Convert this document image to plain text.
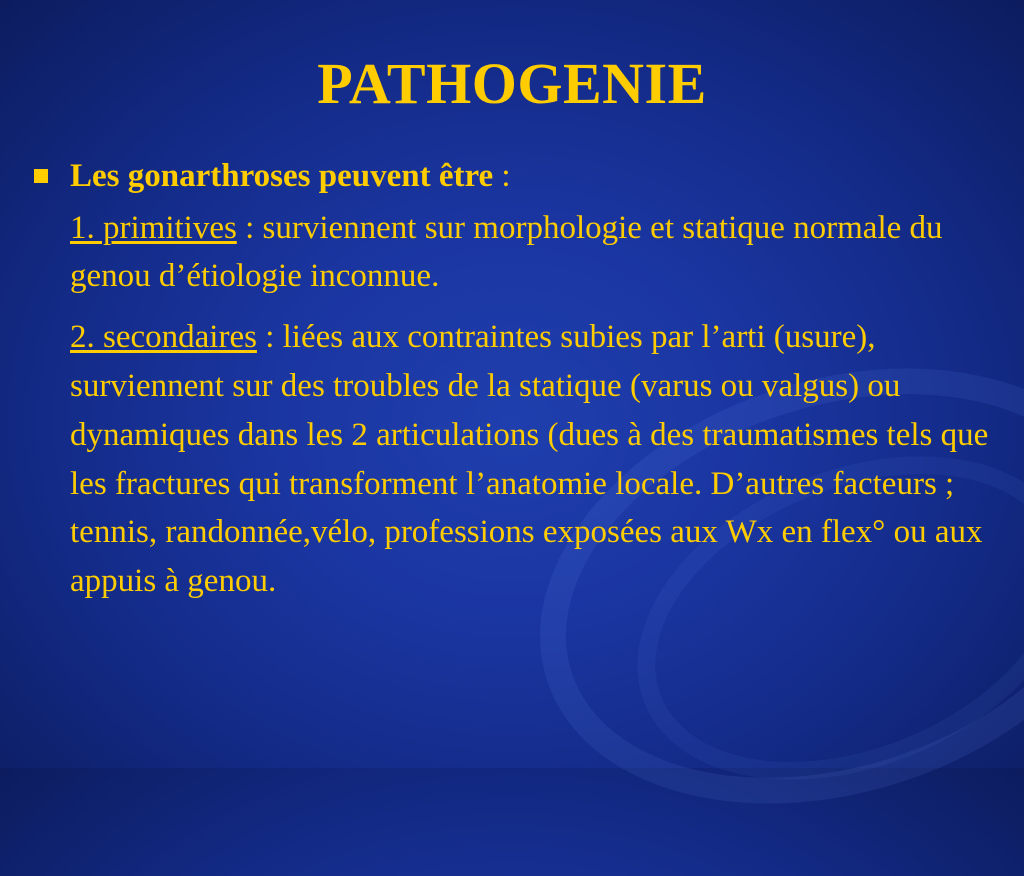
PATHOGENIE
Les gonarthroses peuvent être :
1. primitives : surviennent sur morphologie et statique normale du genou d’étiologie inconnue.
2. secondaires : liées aux contraintes subies par l’arti (usure), surviennent sur des troubles de la statique (varus ou valgus) ou dynamiques dans les 2 articulations (dues à des traumatismes tels que les fractures qui transforment l’anatomie locale. D’autres facteurs ; tennis, randonnée,vélo, professions exposées aux Wx en flex° ou aux appuis à genou.
